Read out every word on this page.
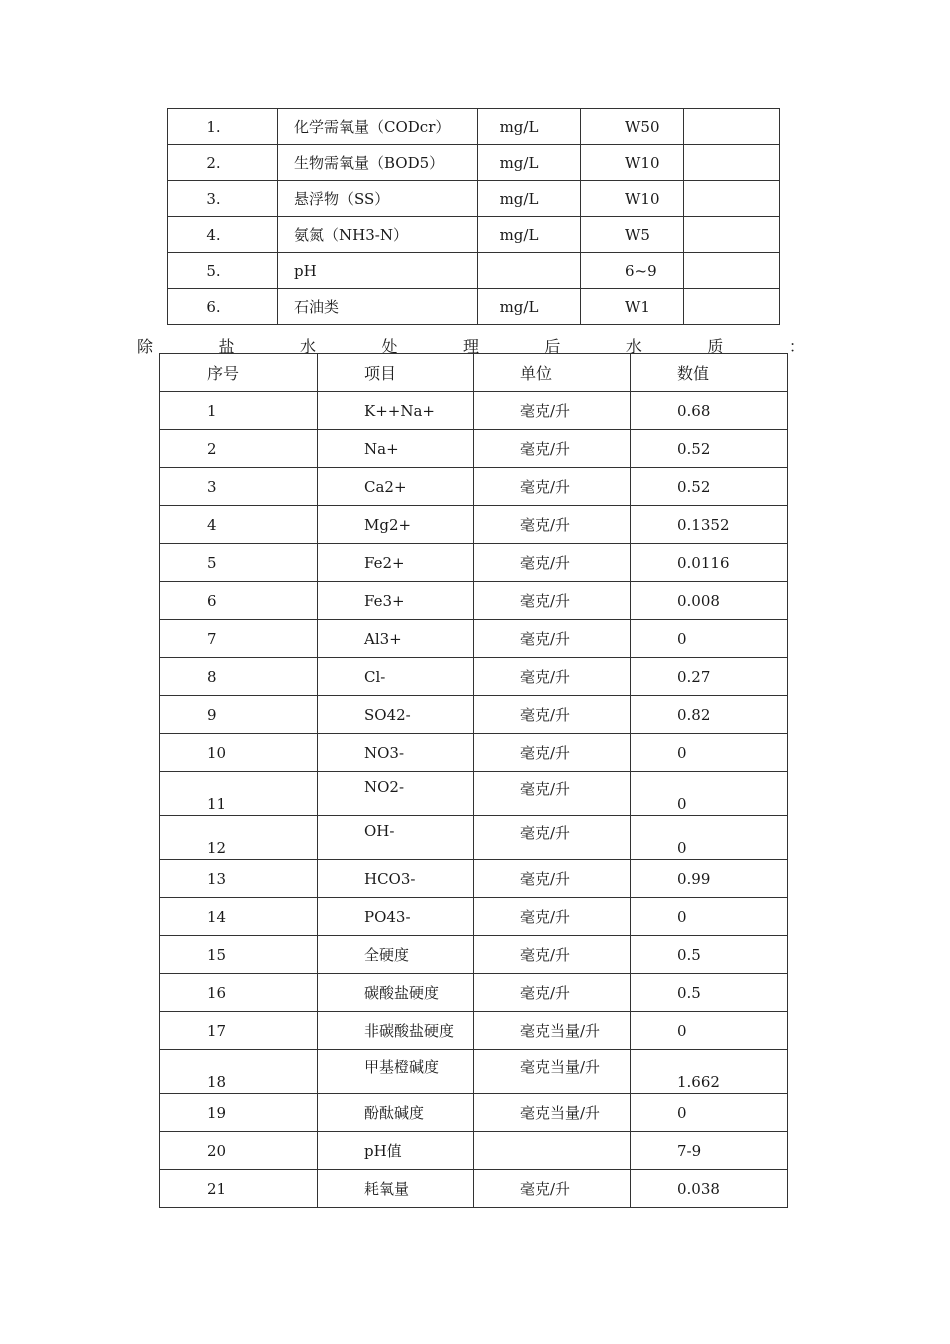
1.	化学需氧量（CODcr）	mg/L	W50	
2.	生物需氧量（BOD5）	mg/L	W10	
3.	悬浮物（SS）	mg/L	W10	
4.	氨氮（NH3-N）	mg/L	W5	
5.	pH		6~9	
6.	石油类	mg/L	W1	
除	盐	水	处	理	后	水	质	：
序号	项目	单位	数值
1	K++Na+	毫克/升	0.68
2	Na+	毫克/升	0.52
3	Ca2+	毫克/升	0.52
4	Mg2+	毫克/升	0.1352
5	Fe2+	毫克/升	0.0116
6	Fe3+	毫克/升	0.008
7	Al3+	毫克/升	0
8	Cl-	毫克/升	0.27
9	SO42-	毫克/升	0.82
10	NO3-	毫克/升	0
11	NO2-	毫克/升	0
12	OH-	毫克/升	0
13	HCO3-	毫克/升	0.99
14	PO43-	毫克/升	0
15	全硬度	毫克/升	0.5
16	碳酸盐硬度	毫克/升	0.5
17	非碳酸盐硬度	毫克当量/升	0
18	甲基橙碱度	毫克当量/升	1.662
19	酚酞碱度	毫克当量/升	0
20	pH值		7-9
21	耗氧量	毫克/升	0.038
